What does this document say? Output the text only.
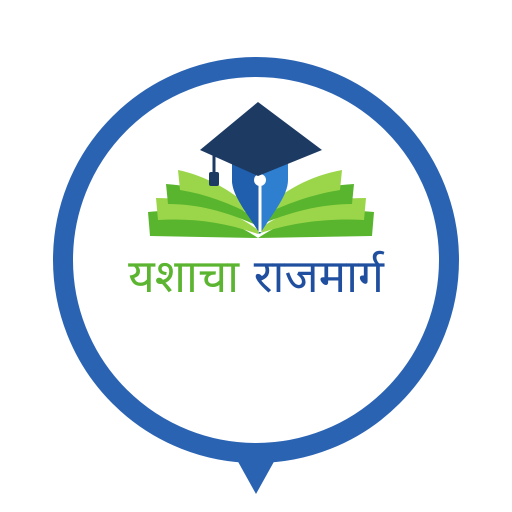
यशाचा राजमार्ग
